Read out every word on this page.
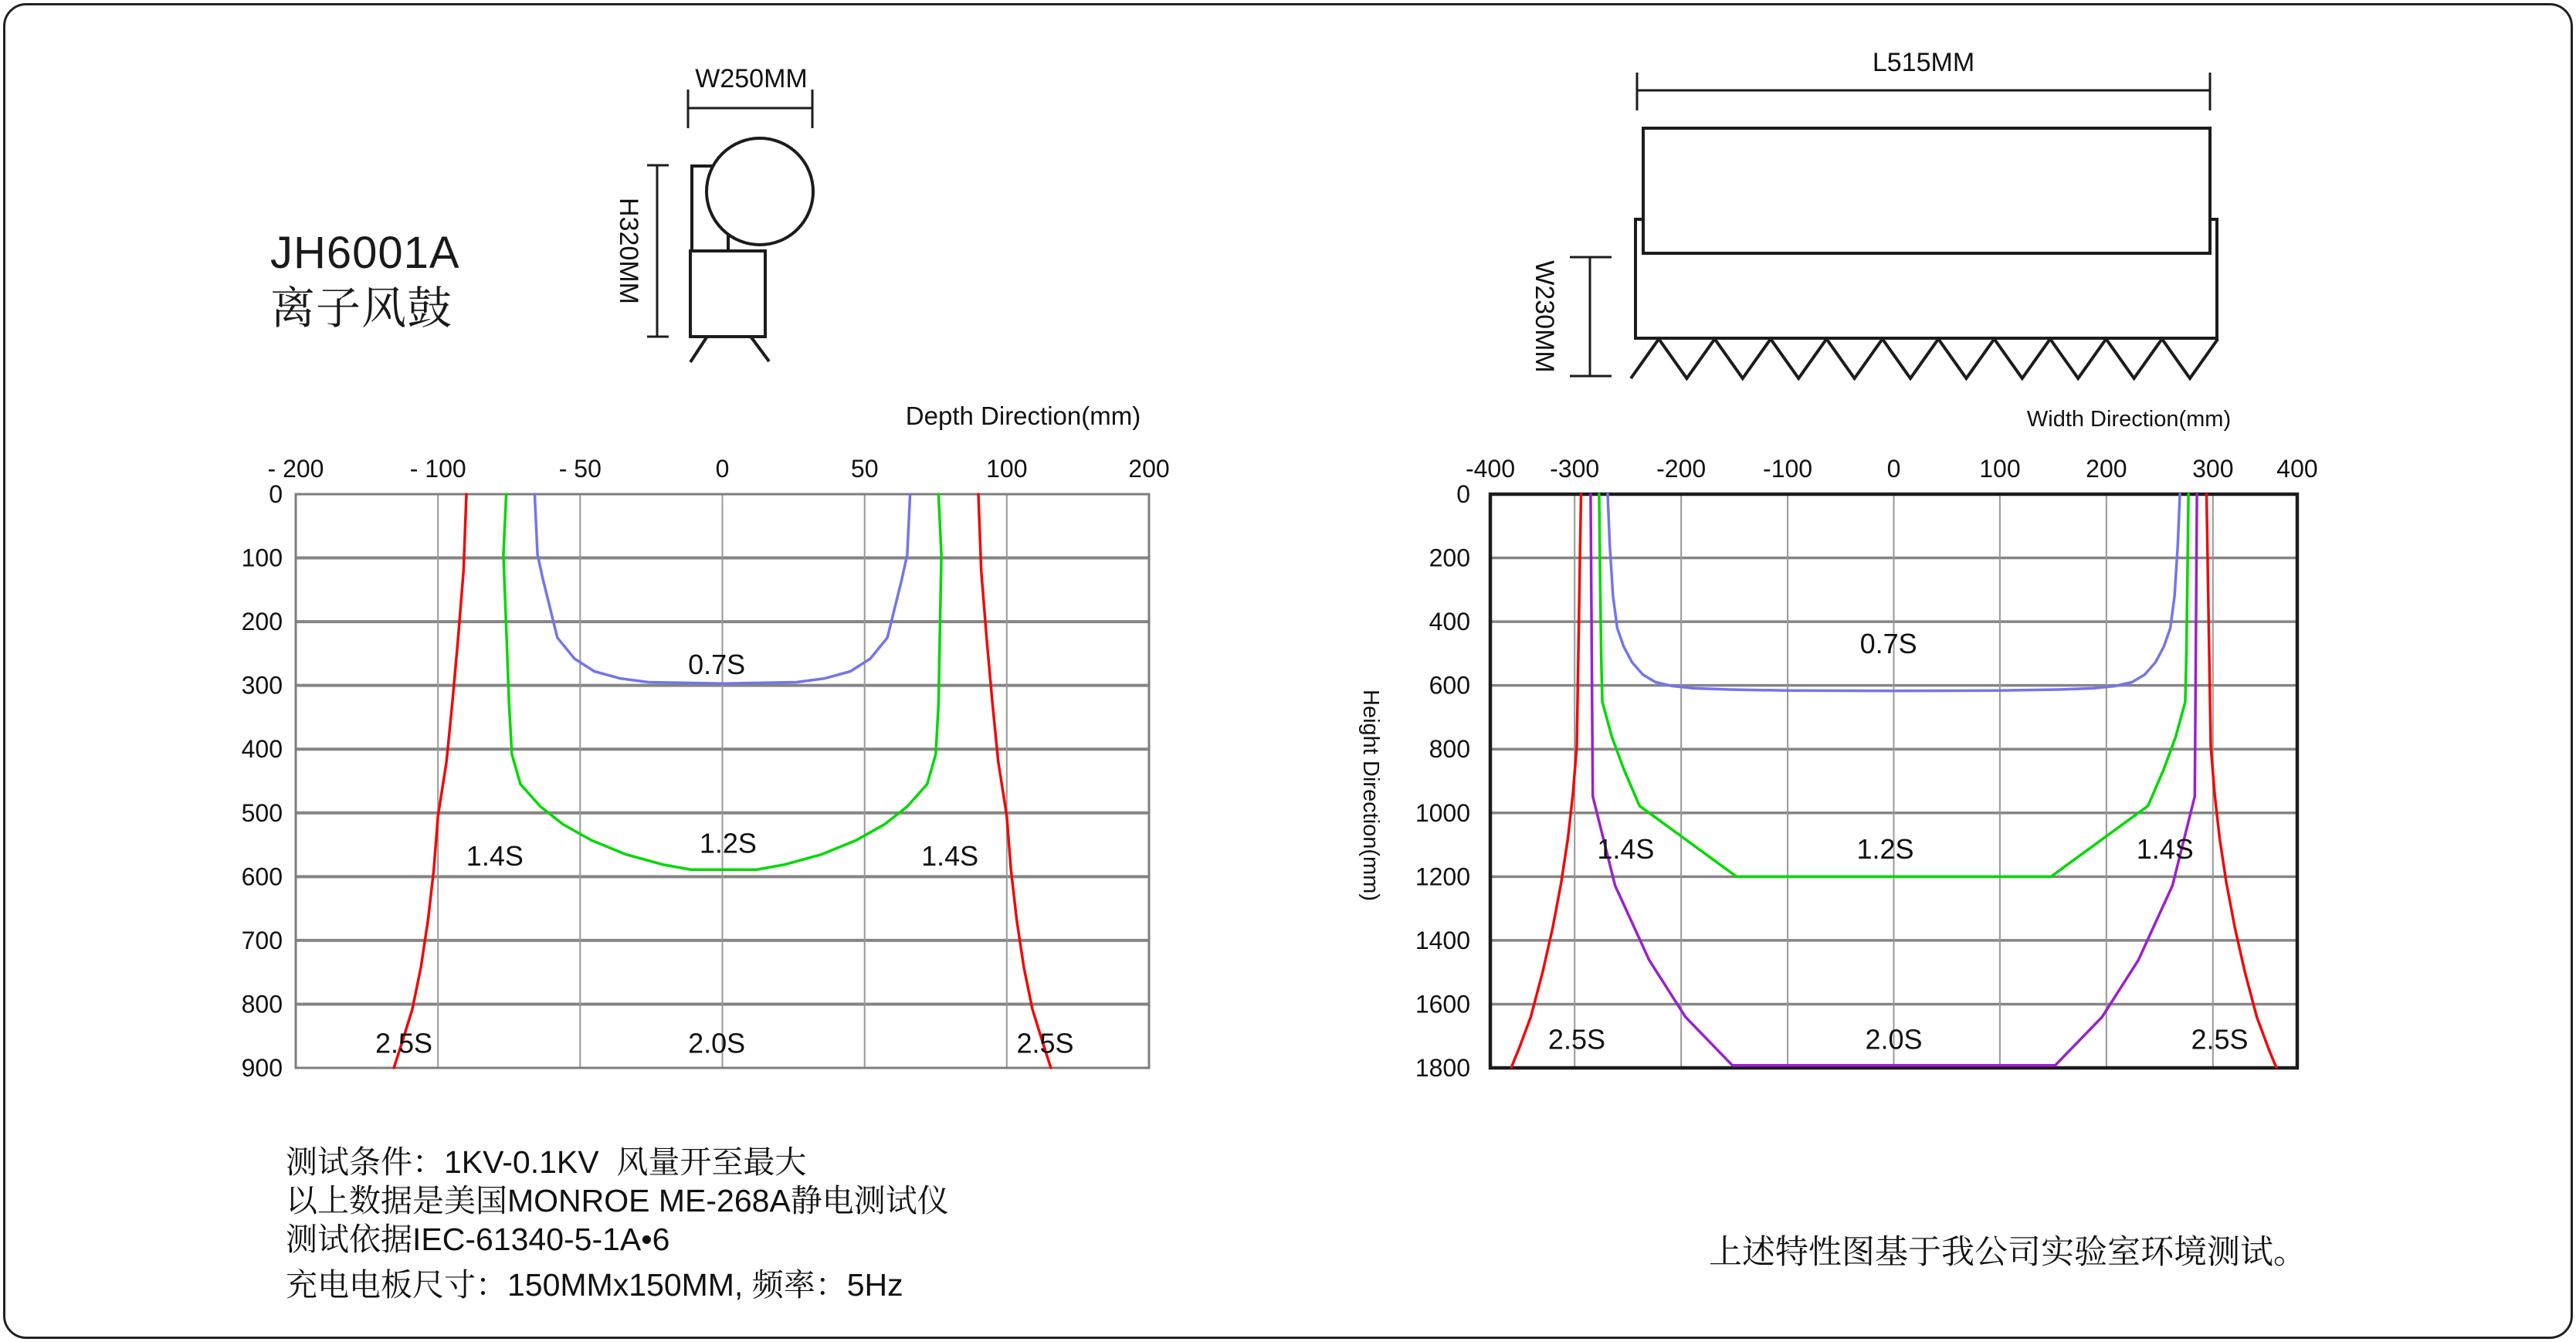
JH6001A
离子风鼓
W250MM
H320MM
L515MM
W230MM
- 200	- 100	- 50	0	50	100	200
0
100
200
300
400
500
600
700
800
900
Depth Direction(mm)
0.7S
1.2S
1.4S	1.4S
2.5S	2.0S	2.5S
-400 -300 -200 -100	0	100	200	300 400
0
200
400
600
800
1000
1200
1400
1600
1800
Width Direction(mm)
Height Direction(mm)
0.7S
1.4S	1.2S	1.4S
2.5S	2.0S	2.5S
测试条件：1KV-0.1KV  风量开至最大
以上数据是美国MONROE ME-268A静电测试仪
测试依据IEC-61340-5-1A•6
充电电板尺寸：150MMx150MM, 频率：5Hz
上述特性图基于我公司实验室环境测试。
